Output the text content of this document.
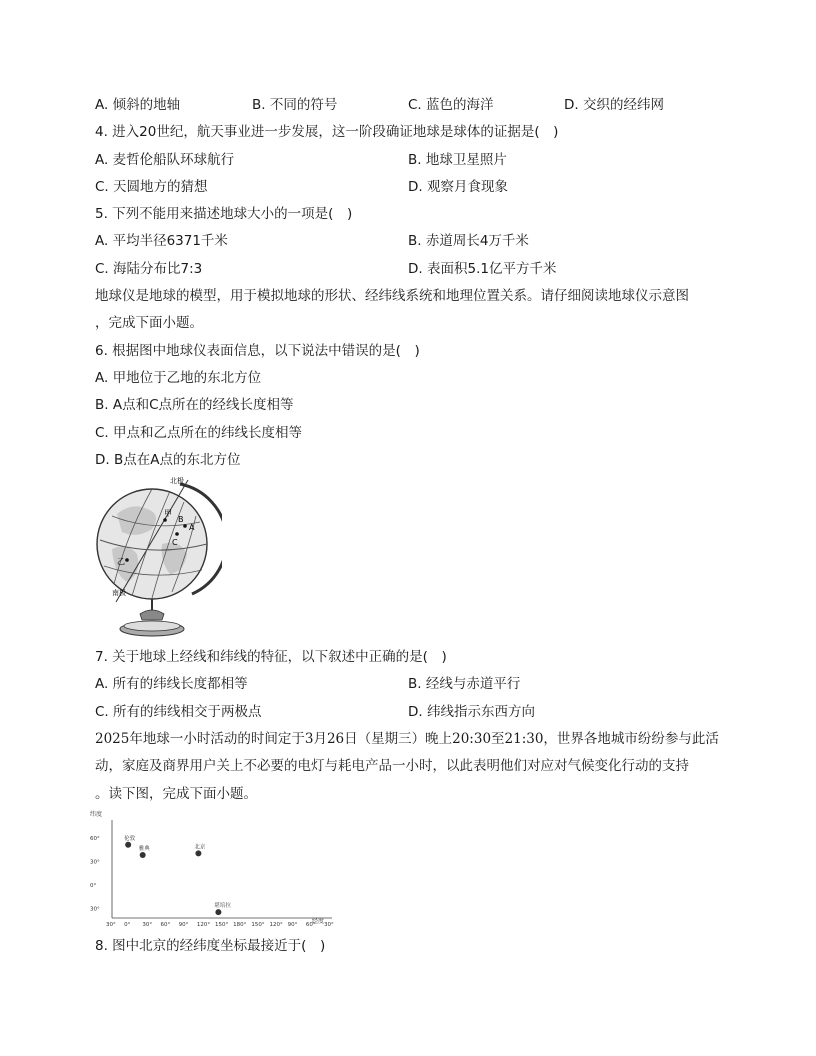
A. 倾斜的地轴	B. 不同的符号	C. 蓝色的海洋	D. 交织的经纬网
4. 进入20世纪，航天事业进一步发展，这一阶段确证地球是球体的证据是(　)
A. 麦哲伦船队环球航行	B. 地球卫星照片
C. 天圆地方的猜想	D. 观察月食现象
5. 下列不能用来描述地球大小的一项是(　)
A. 平均半径6371千米	B. 赤道周长4万千米
C. 海陆分布比7:3	D. 表面积5.1亿平方千米
地球仪是地球的模型，用于模拟地球的形状、经纬线系统和地理位置关系。请仔细阅读地球仪示意图
，完成下面小题。
6. 根据图中地球仪表面信息，以下说法中错误的是(　)
A. 甲地位于乙地的东北方位
B. A点和C点所在的经线长度相等
C. 甲点和乙点所在的纬线长度相等
D. B点在A点的东北方位
北极
甲
B
A
C
乙
南极
7. 关于地球上经线和纬线的特征，以下叙述中正确的是(　)
A. 所有的纬线长度都相等	B. 经线与赤道平行
C. 所有的纬线相交于两极点	D. 纬线指示东西方向
2025年地球一小时活动的时间定于3月26日（星期三）晚上20:30至21:30，世界各地城市纷纷参与此活
动，家庭及商界用户关上不必要的电灯与耗电产品一小时，以此表明他们对应对气候变化行动的支持
。读下图，完成下面小题。
纬度
经度
30° 0° 30° 60° 90° 120° 150° 180° 150° 120° 90° 60° 30°
60°
30°
0°
30°
伦敦
雅典	北京
堪培拉
8. 图中北京的经纬度坐标最接近于(　)
